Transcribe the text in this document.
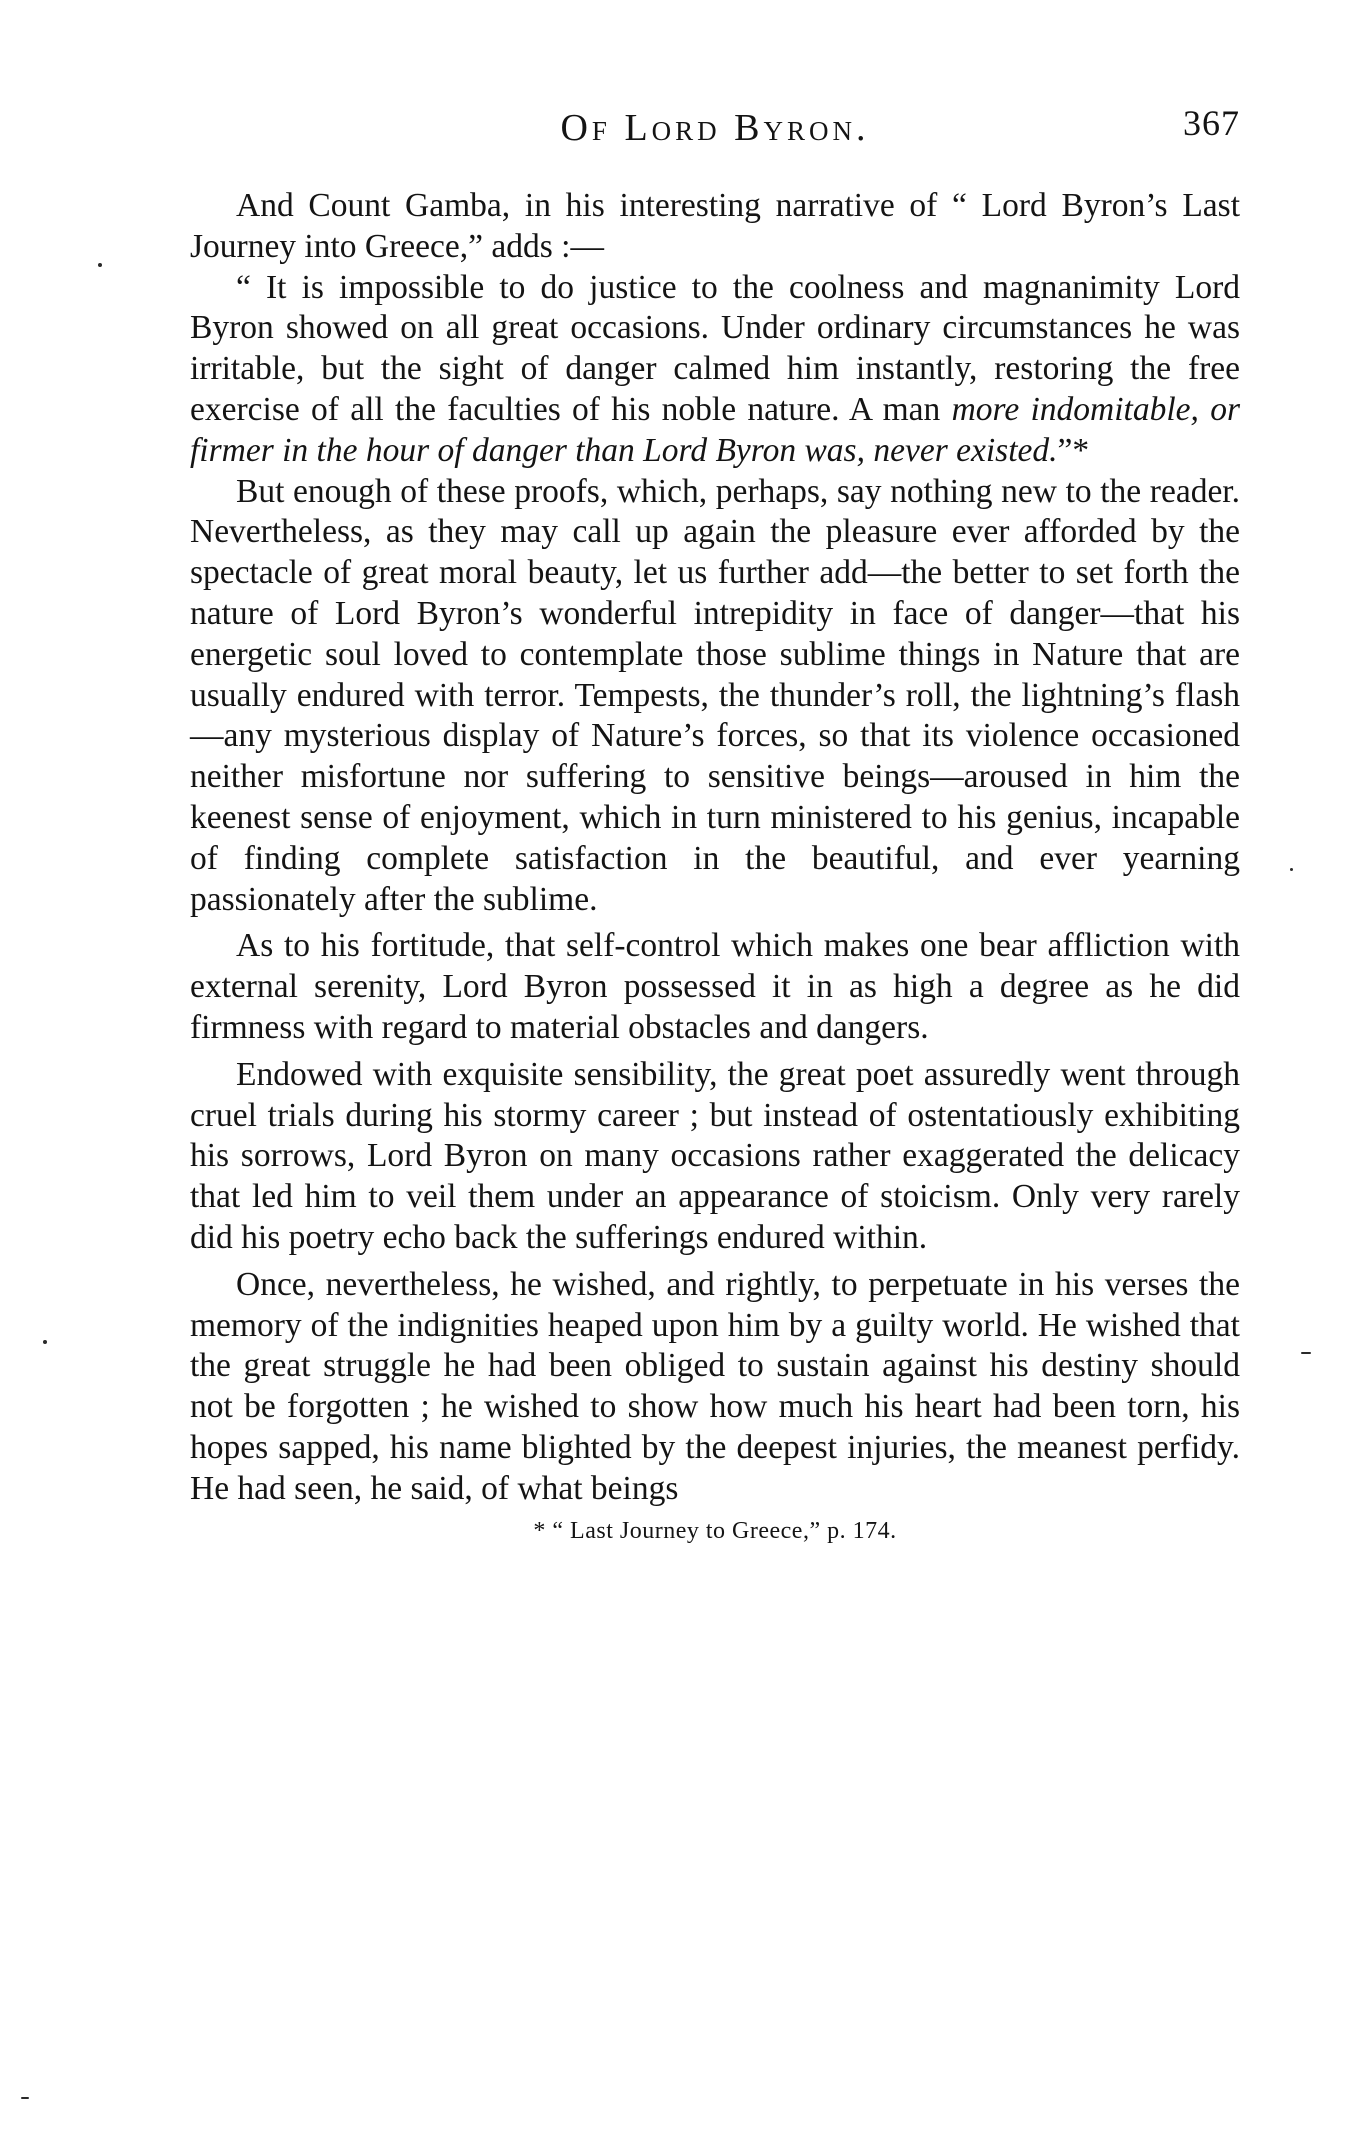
Of Lord Byron.	367

And Count Gamba, in his interesting narrative of “ Lord Byron’s Last Journey into Greece,” adds :—

“ It is impossible to do justice to the coolness and magnanimity Lord Byron showed on all great occasions. Under ordinary circumstances he was irritable, but the sight of danger calmed him instantly, restoring the free exercise of all the faculties of his noble nature. A man more indomitable, or firmer in the hour of danger than Lord Byron was, never existed.”*

But enough of these proofs, which, perhaps, say nothing new to the reader. Nevertheless, as they may call up again the pleasure ever afforded by the spectacle of great moral beauty, let us further add—the better to set forth the nature of Lord Byron’s wonderful intrepidity in face of danger—that his energetic soul loved to contemplate those sublime things in Nature that are usually endured with terror. Tempests, the thunder’s roll, the lightning’s flash—any mysterious display of Nature’s forces, so that its violence occasioned neither misfortune nor suffering to sensitive beings—aroused in him the keenest sense of enjoyment, which in turn ministered to his genius, incapable of finding complete satisfaction in the beautiful, and ever yearning passionately after the sublime.

As to his fortitude, that self-control which makes one bear affliction with external serenity, Lord Byron possessed it in as high a degree as he did firmness with regard to material obstacles and dangers.

Endowed with exquisite sensibility, the great poet assuredly went through cruel trials during his stormy career ; but instead of ostentatiously exhibiting his sorrows, Lord Byron on many occasions rather exaggerated the delicacy that led him to veil them under an appearance of stoicism. Only very rarely did his poetry echo back the sufferings endured within.

Once, nevertheless, he wished, and rightly, to perpetuate in his verses the memory of the indignities heaped upon him by a guilty world. He wished that the great struggle he had been obliged to sustain against his destiny should not be forgotten ; he wished to show how much his heart had been torn, his hopes sapped, his name blighted by the deepest injuries, the meanest perfidy. He had seen, he said, of what beings

* “ Last Journey to Greece,” p. 174.
